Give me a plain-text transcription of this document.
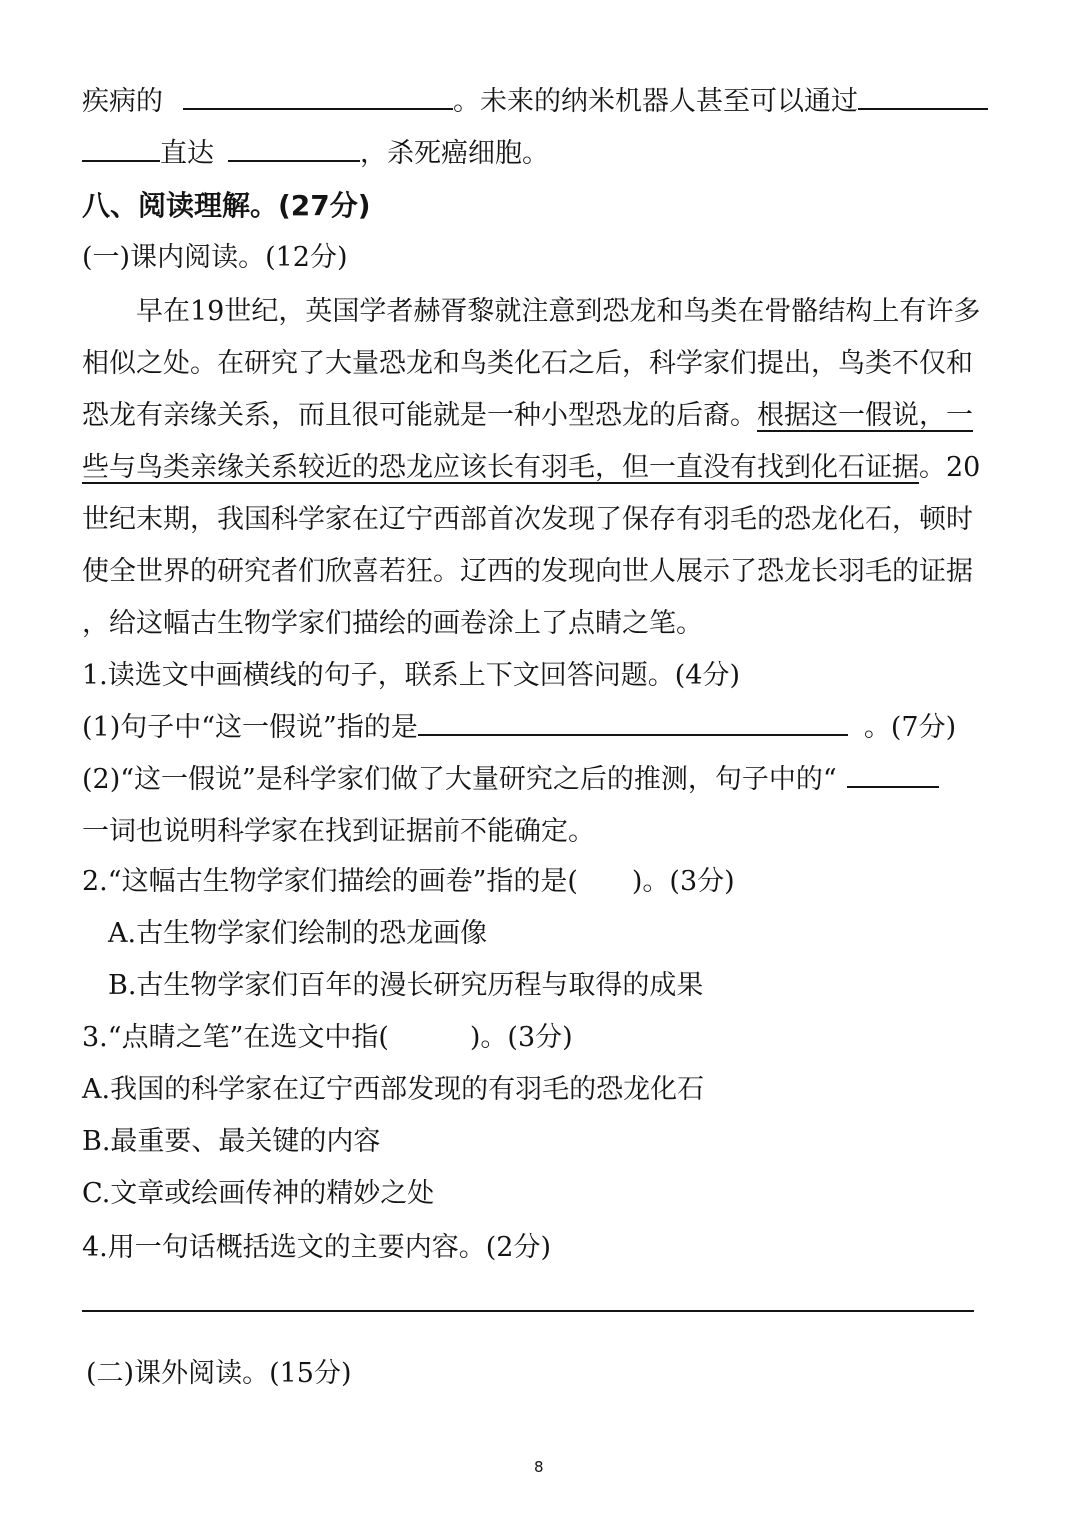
疾病的	。未来的纳米机器人甚至可以通过
直达	，杀死癌细胞。
八、阅读理解。(27分)
(一)课内阅读。(12分)
早在19世纪，英国学者赫胥黎就注意到恐龙和鸟类在骨骼结构上有许多
相似之处。在研究了大量恐龙和鸟类化石之后，科学家们提出，鸟类不仅和
恐龙有亲缘关系，而且很可能就是一种小型恐龙的后裔。根据这一假说，一
些与鸟类亲缘关系较近的恐龙应该长有羽毛，但一直没有找到化石证据。20
世纪末期，我国科学家在辽宁西部首次发现了保存有羽毛的恐龙化石，顿时
使全世界的研究者们欣喜若狂。辽西的发现向世人展示了恐龙长羽毛的证据
，给这幅古生物学家们描绘的画卷涂上了点睛之笔。
1.读选文中画横线的句子，联系上下文回答问题。(4分)
(1)句子中“这一假说”指的是	。(7分)
(2)“这一假说”是科学家们做了大量研究之后的推测，句子中的“
一词也说明科学家在找到证据前不能确定。
2.“这幅古生物学家们描绘的画卷”指的是(　　)。(3分)
A.古生物学家们绘制的恐龙画像
B.古生物学家们百年的漫长研究历程与取得的成果
3.“点睛之笔”在选文中指(　　　)。(3分)
A.我国的科学家在辽宁西部发现的有羽毛的恐龙化石
B.最重要、最关键的内容
C.文章或绘画传神的精妙之处
4.用一句话概括选文的主要内容。(2分)
(二)课外阅读。(15分)
8
